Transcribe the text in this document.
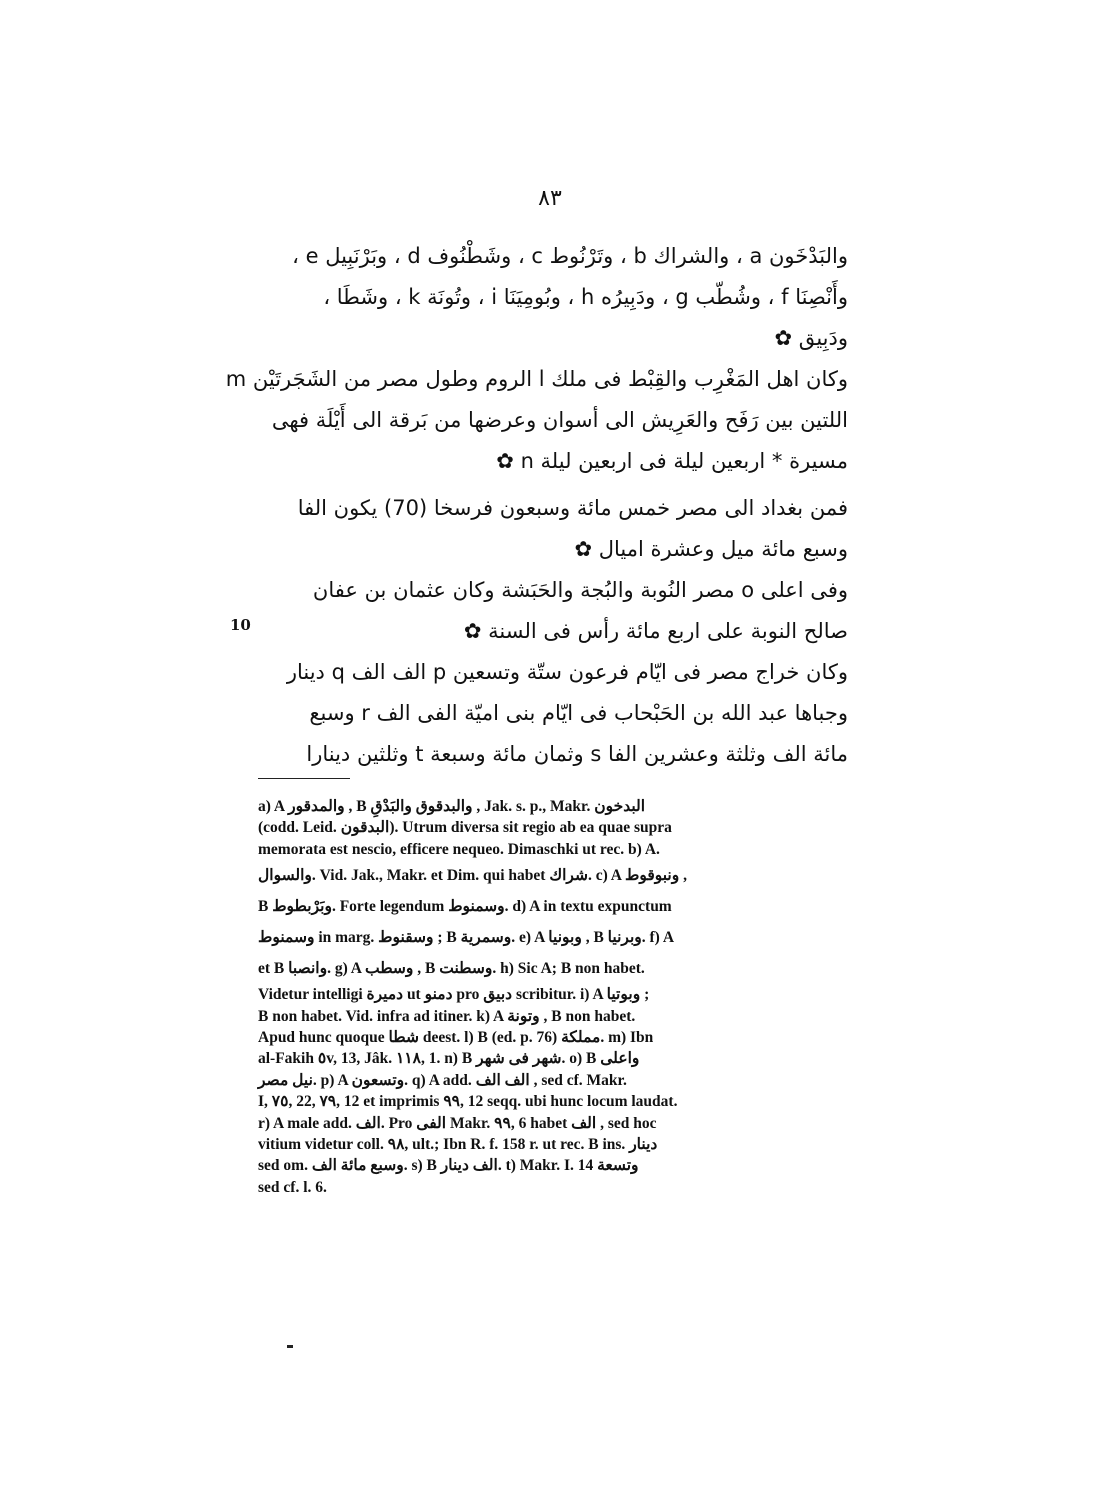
٨٣
والبَدْخَون a ، والشراك b ، وتَرْنُوط c ، وشَطْنُوف d ، وبَرْنَبِيل e ،
وأَنْصِنَا f ، وشُطّب g ، ودَبِيرُه h ، وبُومِيَنَا i ، وتُونَة k ، وشَطَا ،
ودَبِيق ✿
وكان اهل المَغْرِب والقِبْط فى ملك l الروم وطول مصر من الشَجَرتَيْن m
اللتين بين رَفَح والعَرِيش الى أسوان وعرضها من بَرقة الى أَيْلَة فهى
مسيرة * اربعين ليلة فى اربعين ليلة n ✿
فمن بغداد الى مصر خمس مائة وسبعون فرسخا (70) يكون الفا
وسبع مائة ميل وعشرة اميال ✿
وفى اعلى o مصر النُوبة والبُجة والحَبَشة وكان عثمان بن عفان
صالح النوبة على اربع مائة رأس فى السنة ✿
وكان خراج مصر فى ايّام فرعون ستّة وتسعين p الف الف q دينار
وجباها عبد الله بن الحَبْحاب فى ايّام بنى اميّة الفى الف r وسبع
مائة الف وثلثة وعشرين الفا s وثمان مائة وسبعة t وثلثين دينارا
10
a) A والمدقور , B والبدقوق والبَدْقِ , Jak. s. p., Makr. البدخون
(codd. Leid. البدقون). Utrum diversa sit regio ab ea quae supra
memorata est nescio, efficere nequeo. Dimaschki ut rec. b) A.
والسوال. Vid. Jak., Makr. et Dim. qui habet شراك. c) A ونبوقوط ,
B وبَرْبطوط. Forte legendum وسمنوط. d) A in textu expunctum
وسمنوط in marg. وسقنوط ; B وسمرية. e) A وبونيا , B وبرنيا. f) A
et B وانصبا. g) A وسطب , B وسطنت. h) Sic A; B non habet.
Videtur intelligi دميرة ut دمنو pro دبيق scribitur. i) A وبوتيا ;
B non habet. Vid. infra ad itiner. k) A وتونة , B non habet.
Apud hunc quoque شطا deest. l) B (ed. p. 76) مملكة. m) Ibn
al-Fakih ٥v, 13, Jâk. ١١٨, 1. n) B شهر فى شهر. o) B واعلى
نيل مصر. p) A وتسعون. q) A add. الف الف , sed cf. Makr.
I, ٧٥, 22, ٧٩, 12 et imprimis ٩٩, 12 seqq. ubi hunc locum laudat.
r) A male add. الف. Pro الفى Makr. ٩٩, 6 habet الف , sed hoc
vitium videtur coll. ٩٨, ult.; Ibn R. f. 158 r. ut rec. B ins. دينار
sed om. وسبع مائة الف. s) B الف دينار. t) Makr. I. 14 وتسعة
sed cf. l. 6.
